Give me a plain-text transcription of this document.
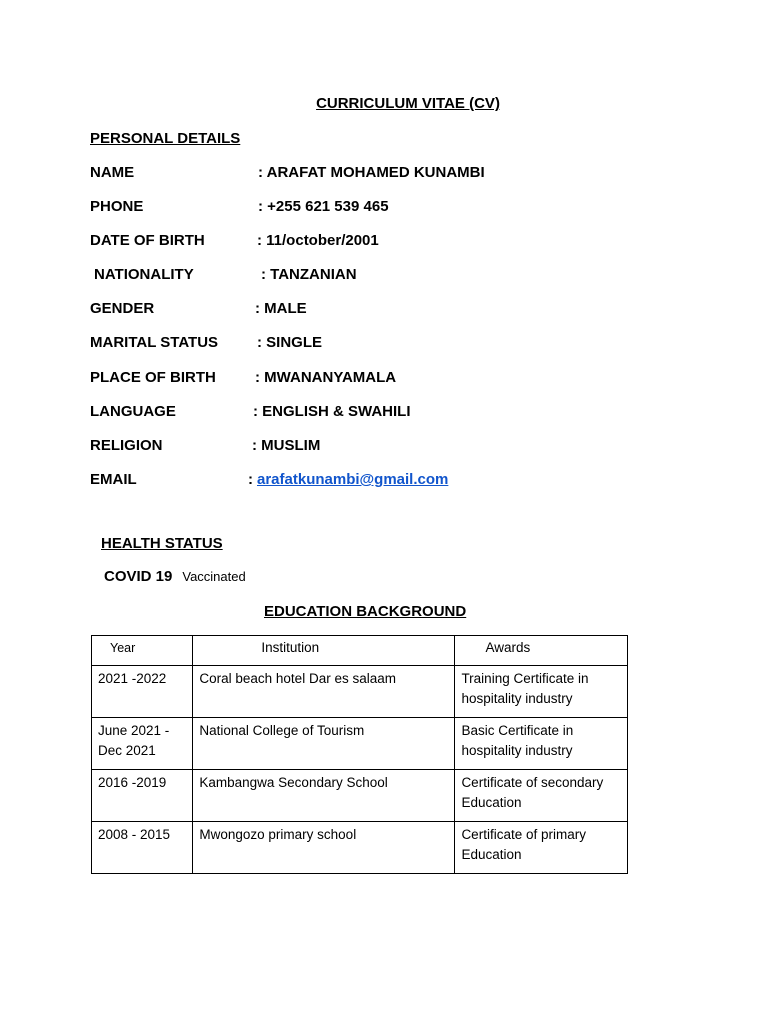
CURRICULUM VITAE (CV)
PERSONAL DETAILS
NAME	: ARAFAT MOHAMED KUNAMBI
PHONE	: +255 621 539 465
DATE OF BIRTH	: 11/october/2001
NATIONALITY	: TANZANIAN
GENDER	: MALE
MARITAL STATUS	: SINGLE
PLACE OF BIRTH	: MWANANYAMALA
LANGUAGE	: ENGLISH & SWAHILI
RELIGION	: MUSLIM
EMAIL	: arafatkunambi@gmail.com
HEALTH STATUS
COVID 19 Vaccinated
EDUCATION BACKGROUND
Year	Institution	Awards
2021 -2022	Coral beach hotel Dar es salaam	Training Certificate in hospitality industry
June 2021 -Dec 2021	National College of Tourism	Basic Certificate in hospitality industry
2016 -2019	Kambangwa Secondary School	Certificate of secondary Education
2008 - 2015	Mwongozo primary school	Certificate of primary Education
